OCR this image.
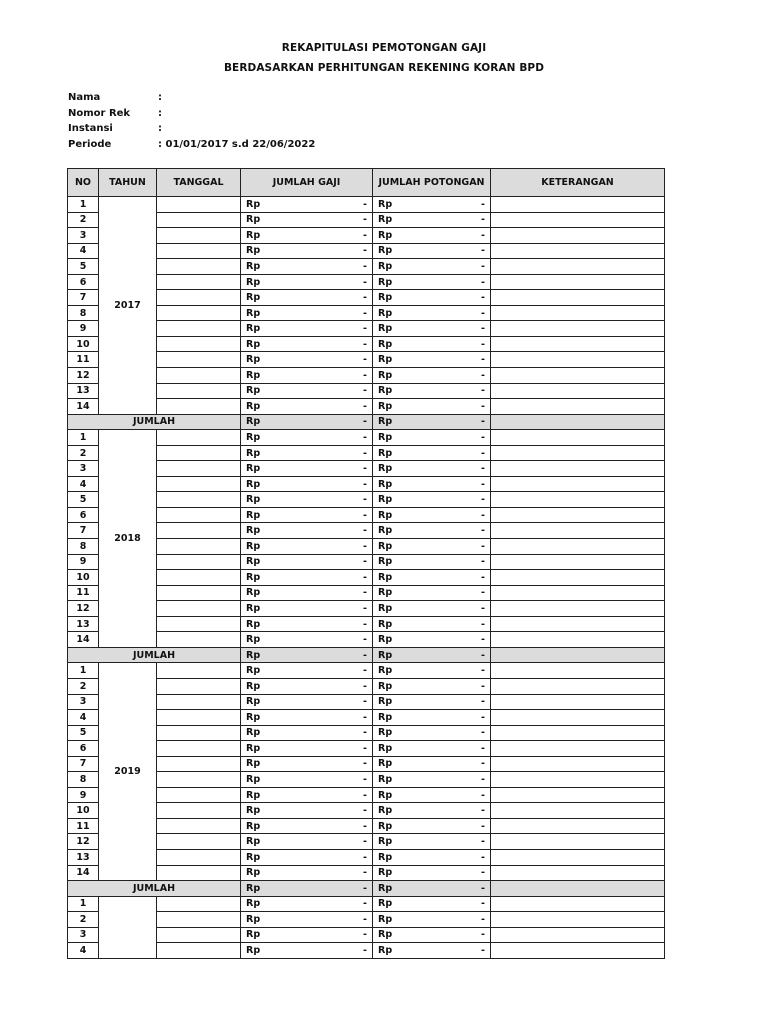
REKAPITULASI PEMOTONGAN GAJI
BERDASARKAN PERHITUNGAN REKENING KORAN BPD
Nama	:
Nomor Rek	:
Instansi	:
Periode	: 01/01/2017 s.d 22/06/2022
NO	TAHUN	TANGGAL	JUMLAH GAJI	JUMLAH POTONGAN	KETERANGAN
1	2017		Rp -	Rp -	

2			Rp -	Rp -	

3			Rp -	Rp -	

4			Rp -	Rp -	

5			Rp -	Rp -	

6			Rp -	Rp -	

7			Rp -	Rp -	

8			Rp -	Rp -	

9			Rp -	Rp -	

10			Rp -	Rp -	

11			Rp -	Rp -	

12			Rp -	Rp -	

13			Rp -	Rp -	

14			Rp -	Rp -	

JUMLAH			Rp -	Rp -	

1	2018		Rp -	Rp -	

2			Rp -	Rp -	

3			Rp -	Rp -	

4			Rp -	Rp -	

5			Rp -	Rp -	

6			Rp -	Rp -	

7			Rp -	Rp -	

8			Rp -	Rp -	

9			Rp -	Rp -	

10			Rp -	Rp -	

11			Rp -	Rp -	

12			Rp -	Rp -	

13			Rp -	Rp -	

14			Rp -	Rp -	

JUMLAH			Rp -	Rp -	

1	2019		Rp -	Rp -	

2			Rp -	Rp -	

3			Rp -	Rp -	

4			Rp -	Rp -	

5			Rp -	Rp -	

6			Rp -	Rp -	

7			Rp -	Rp -	

8			Rp -	Rp -	

9			Rp -	Rp -	

10			Rp -	Rp -	

11			Rp -	Rp -	

12			Rp -	Rp -	

13			Rp -	Rp -	

14			Rp -	Rp -	

JUMLAH			Rp -	Rp -	

1			Rp -	Rp -	

2			Rp -	Rp -	

3			Rp -	Rp -	

4			Rp -	Rp -	
